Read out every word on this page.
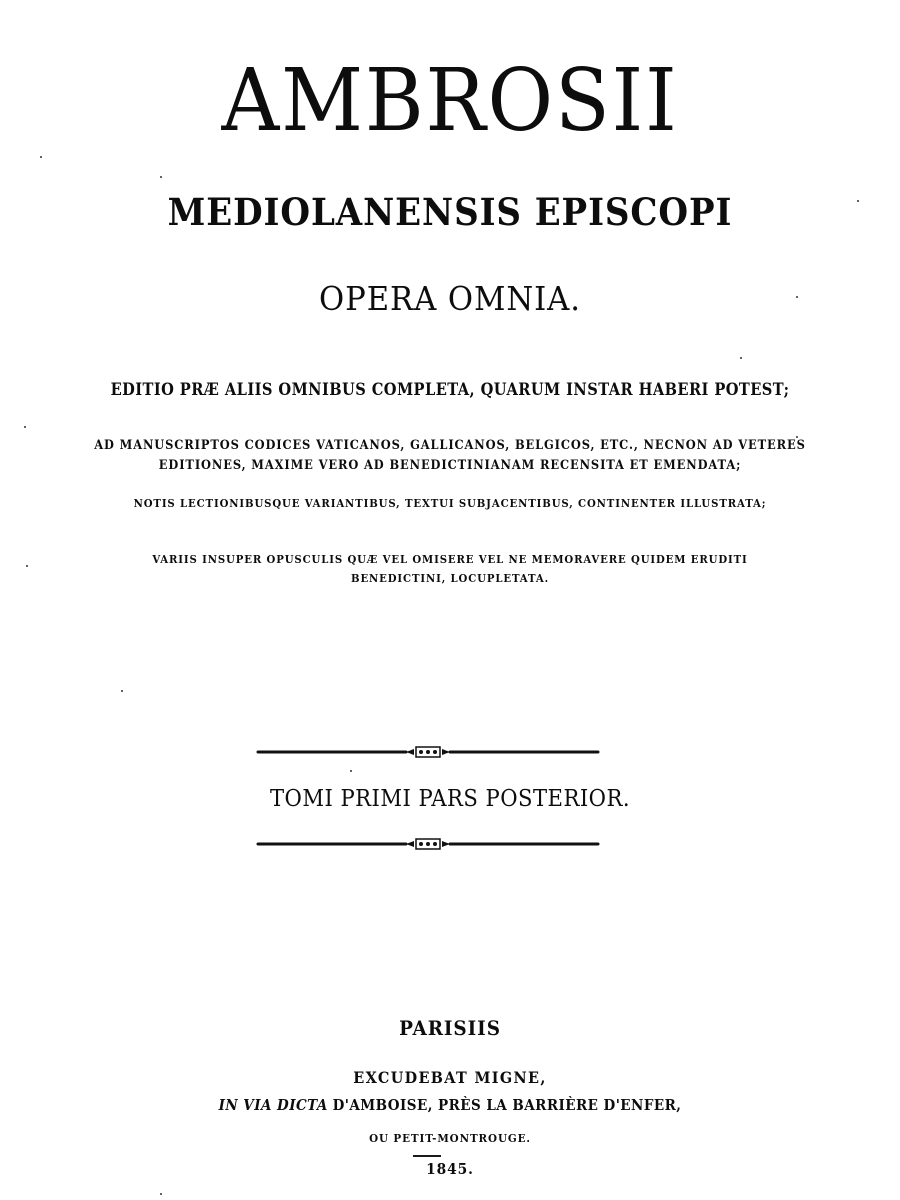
AMBROSII
MEDIOLANENSIS EPISCOPI
OPERA OMNIA.
EDITIO PRÆ ALIIS OMNIBUS COMPLETA, QUARUM INSTAR HABERI POTEST;
AD MANUSCRIPTOS CODICES VATICANOS, GALLICANOS, BELGICOS, ETC., NECNON AD VETERES
EDITIONES, MAXIME VERO AD BENEDICTINIANAM RECENSITA ET EMENDATA;
NOTIS LECTIONIBUSQUE VARIANTIBUS, TEXTUI SUBJACENTIBUS, CONTINENTER ILLUSTRATA;
VARIIS INSUPER OPUSCULIS QUÆ VEL OMISERE VEL NE MEMORAVERE QUIDEM ERUDITI
BENEDICTINI, LOCUPLETATA.
TOMI PRIMI PARS POSTERIOR.
PARISIIS
EXCUDEBAT MIGNE,
IN VIA DICTA D'AMBOISE, PRÈS LA BARRIÈRE D'ENFER,
OU PETIT-MONTROUGE.
1845.
